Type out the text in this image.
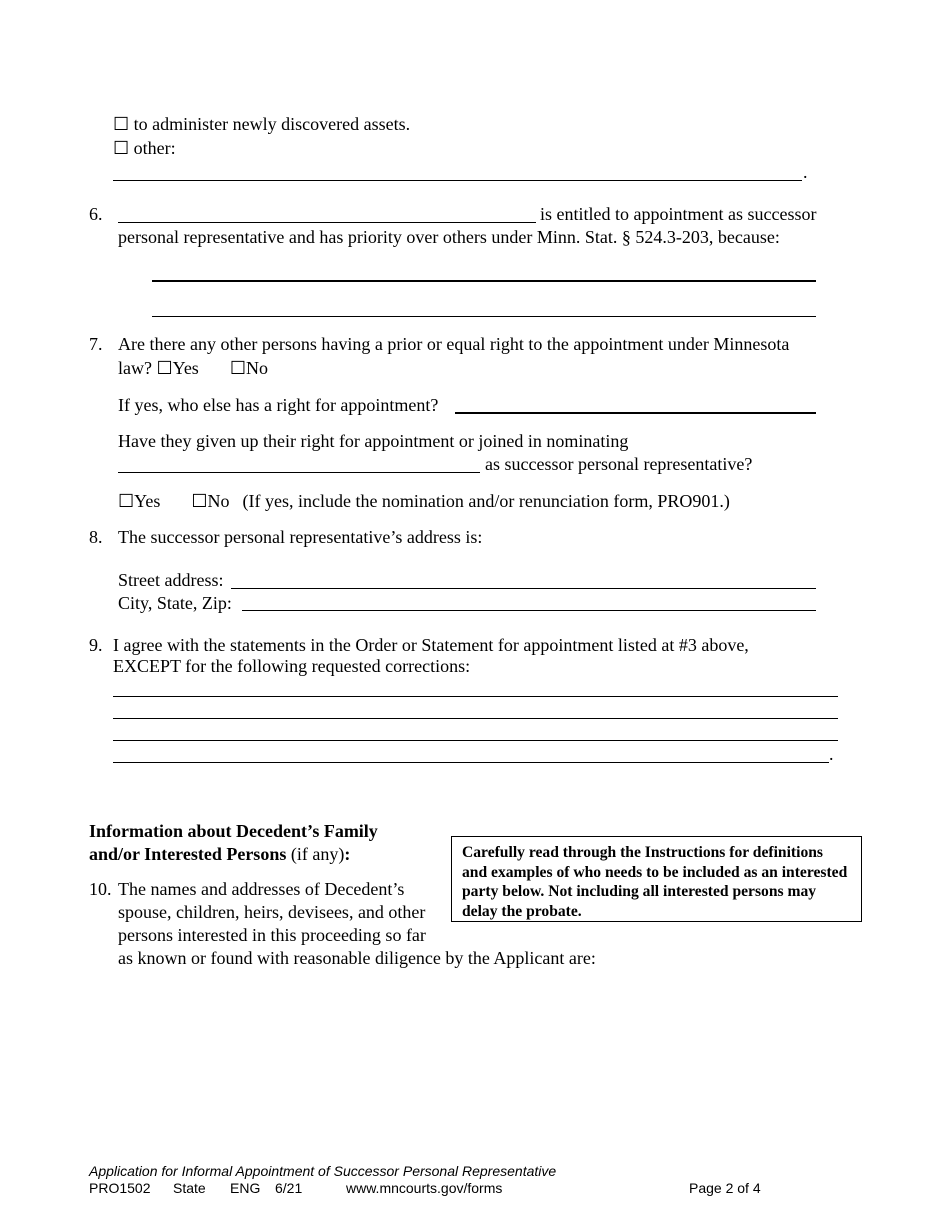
☐ to administer newly discovered assets.
☐ other:
.
6.	is entitled to appointment as successor
personal representative and has priority over others under Minn. Stat. § 524.3-203, because:
7. Are there any other persons having a prior or equal right to the appointment under Minnesota
law? ☐Yes ☐No
If yes, who else has a right for appointment?
Have they given up their right for appointment or joined in nominating
as successor personal representative?
☐Yes ☐No (If yes, include the nomination and/or renunciation form, PRO901.)
8. The successor personal representative’s address is:
Street address:
City, State, Zip:
9. I agree with the statements in the Order or Statement for appointment listed at #3 above,
EXCEPT for the following requested corrections:
.
Information about Decedent’s Family
and/or Interested Persons (if any):	Carefully read through the Instructions for definitions and examples of who needs to be included as an interested party below. Not including all interested persons may delay the probate.
10. The names and addresses of Decedent’s
spouse, children, heirs, devisees, and other
persons interested in this proceeding so far
as known or found with reasonable diligence by the Applicant are:
Application for Informal Appointment of Successor Personal Representative
PRO1502 State ENG 6/21	www.mncourts.gov/forms	Page 2 of 4
